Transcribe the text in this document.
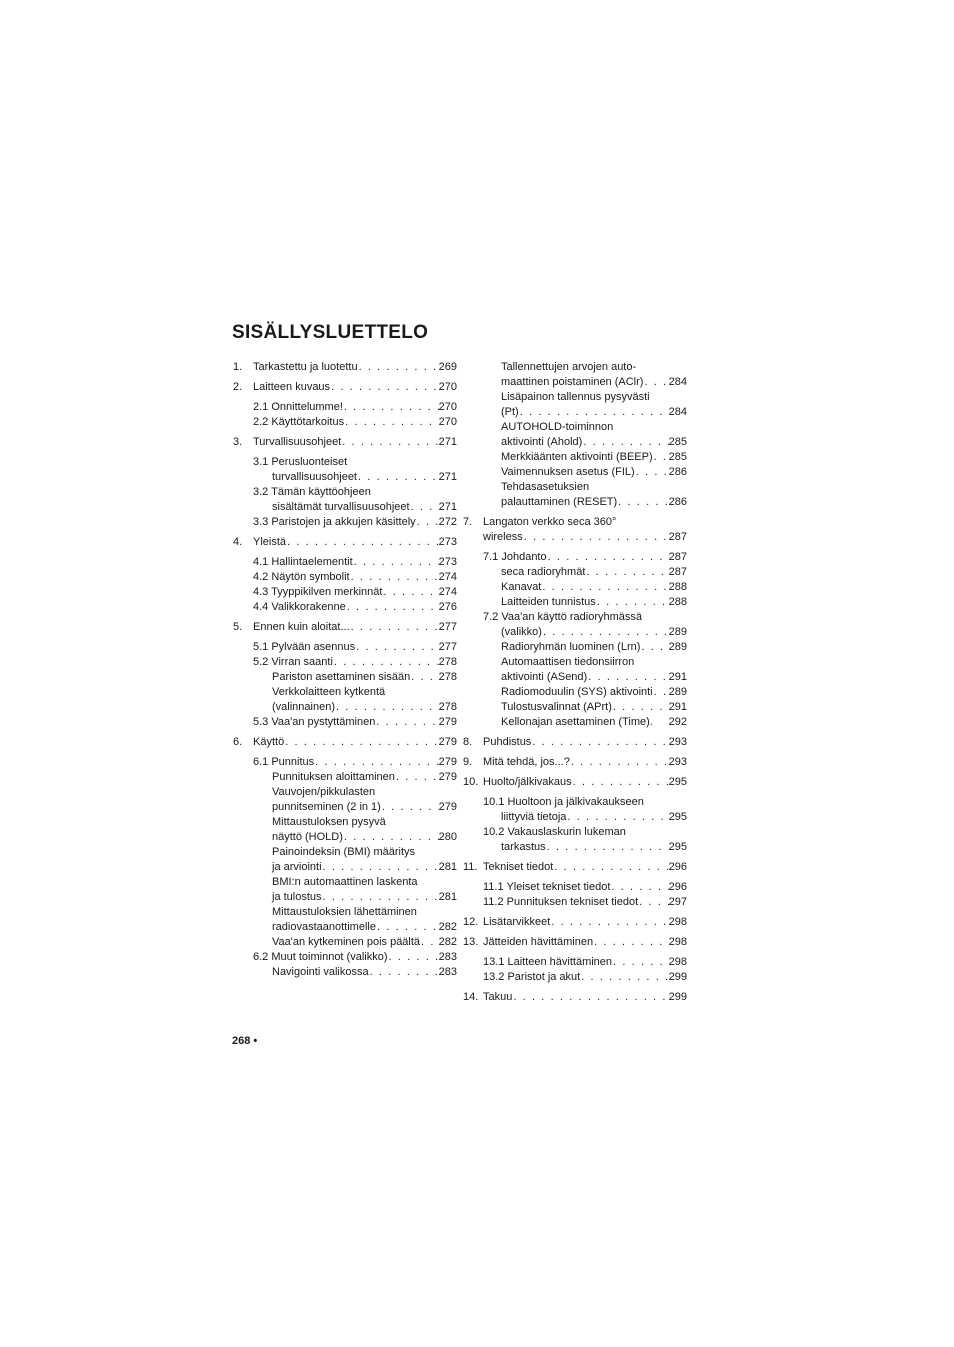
SISÄLLYSLUETTELO
1. Tarkastettu ja luotettu . . .	269
2. Laitteen kuvaus . . .	270
2.1 Onnittelumme! . . .	270
2.2 Käyttötarkoitus . . .	270
3. Turvallisuusohjeet . . .	271
3.1 Perusluonteiset
turvallisuusohjeet . . .	271
3.2 Tämän käyttöohjeen
sisältämät turvallisuusohjeet . . .	271
3.3 Paristojen ja akkujen käsittely . . . 272
4. Yleistä . . .	273
4.1 Hallintaelementit . . .	273
4.2 Näytön symbolit . . .	274
4.3 Tyyppikilven merkinnät . . .	274
4.4 Valikkorakenne . . .	276
5. Ennen kuin aloitat... . . .	277
5.1 Pylvään asennus . . .	277
5.2 Virran saanti . . .	278
Pariston asettaminen sisään . . .	278
Verkkolaitteen kytkentä
(valinnainen) . . .	278
5.3 Vaa'an pystyttäminen . . .	279
6. Käyttö . . .	279
6.1 Punnitus . . .	279
Punnituksen aloittaminen . . .	279
Vauvojen/pikkulasten
punnitseminen (2 in 1) . . .	279
Mittaustuloksen pysyvä
näyttö (HOLD) . . .	280
Painoindeksin (BMI) määritys
ja arviointi . . .	281
BMI:n automaattinen laskenta
ja tulostus . . .	281
Mittaustuloksien lähettäminen
radiovastaanottimelle . . .	282
Vaa'an kytkeminen pois päältä . . . 282
6.2 Muut toiminnot (valikko) . . .	283
Navigointi valikossa . . .	283
Tallennettujen arvojen auto-
maattinen poistaminen (AClr) . . . 284
Lisäpainon tallennus pysyvästi
(Pt) . . .	284
AUTOHOLD-toiminnon
aktivointi (Ahold) . . .	285
Merkkiäänten aktivointi (BEEP) . . . 285
Vaimennuksen asetus (FIL) . . .	286
Tehdasasetuksien
palauttaminen (RESET) . . .	286
7. Langaton verkko seca 360°
wireless . . .	287
7.1 Johdanto . . .	287
seca radioryhmät . . .	287
Kanavat . . .	288
Laitteiden tunnistus . . .	288
7.2 Vaa'an käyttö radioryhmässä
(valikko) . . .	289
Radioryhmän luominen (Lrn) . . .	289
Automaattisen tiedonsiirron
aktivointi (ASend) . . .	291
Radiomoduulin (SYS) aktivointi . . . 289
Tulostusvalinnat (APrt) . . .	291
Kellonajan asettaminen (Time). 292
8. Puhdistus . . .	293
9. Mitä tehdä, jos...? . . .	293
10. Huolto/jälkivakaus . . .	295
10.1 Huoltoon ja jälkivakaukseen
liittyviä tietoja . . .	295
10.2 Vakauslaskurin lukeman
tarkastus . . .	295
11. Tekniset tiedot . . .	296
11.1 Yleiset tekniset tiedot . . .	296
11.2 Punnituksen tekniset tiedot . . .	297
12. Lisätarvikkeet . . .	298
13. Jätteiden hävittäminen . . .	298
13.1 Laitteen hävittäminen . . .	298
13.2 Paristot ja akut . . .	299
14. Takuu . . .	299
268 •
